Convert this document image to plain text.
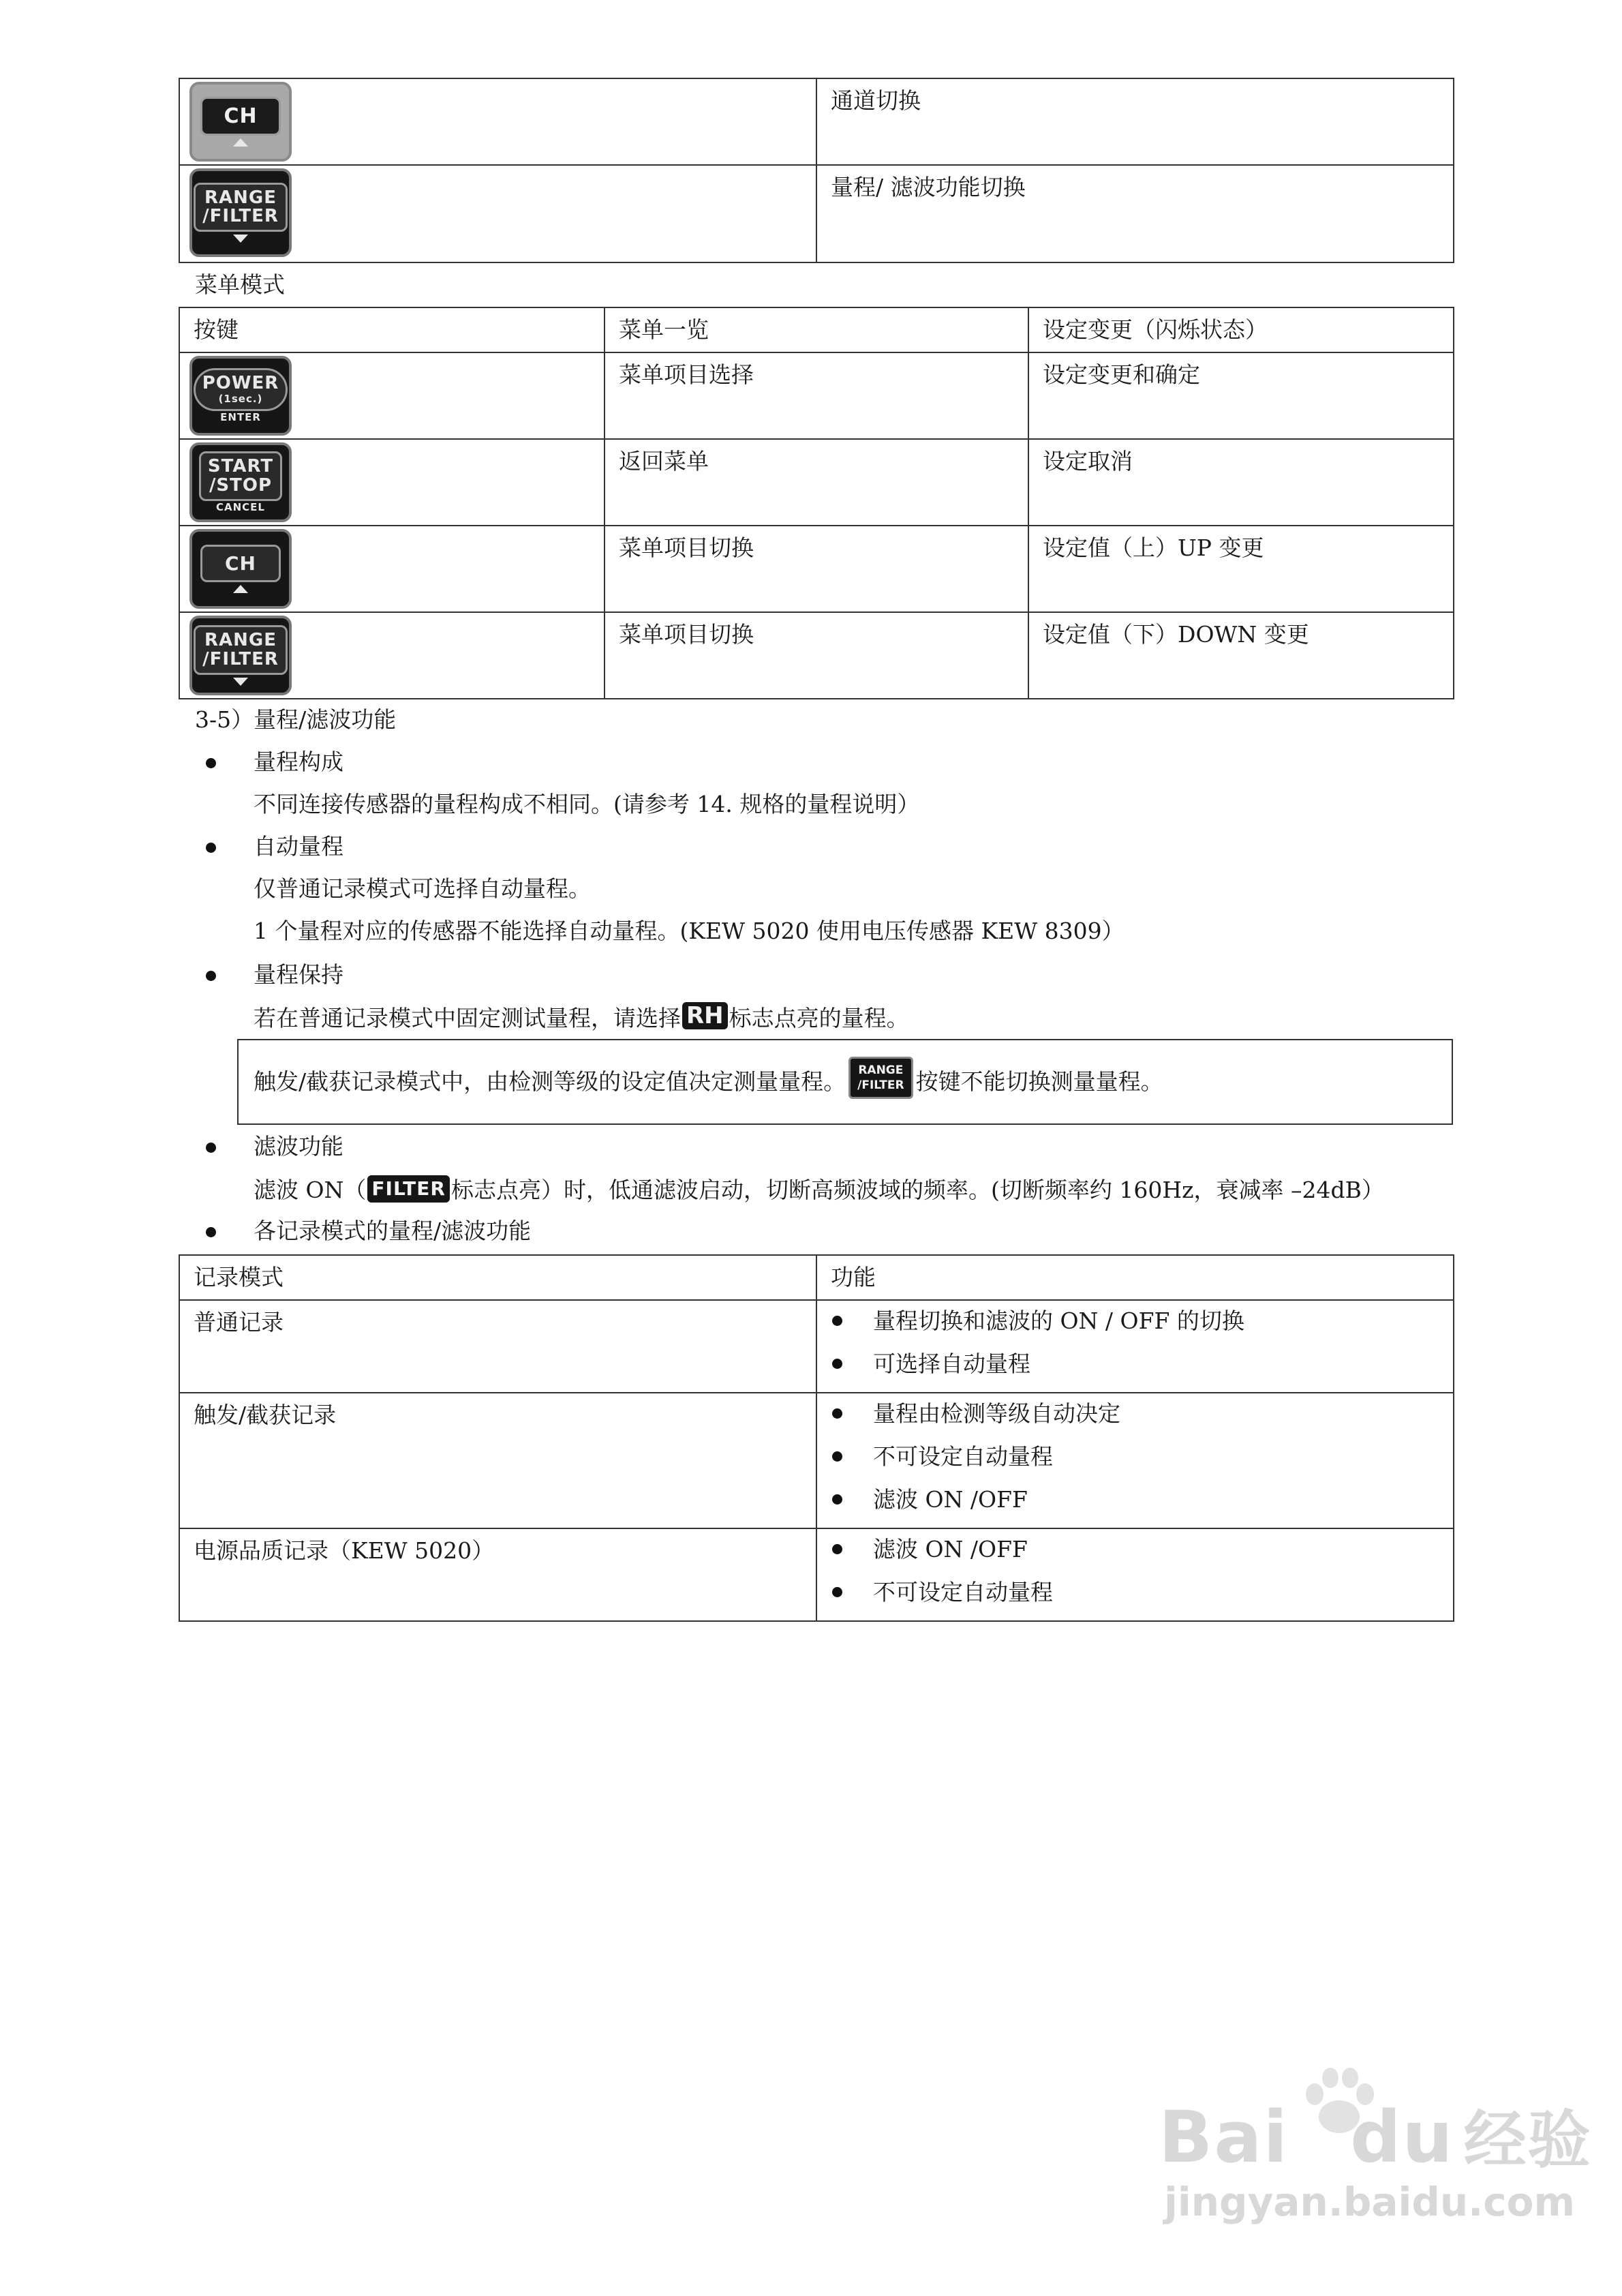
CH	通道切换

RANGE
/FILTER	量程/ 滤波功能切换
菜单模式
按键	菜单一览	设定变更（闪烁状态）

POWER
(1sec.)
ENTER	菜单项目选择	设定变更和确定

START
/STOP
CANCEL	返回菜单	设定取消

CH	菜单项目切换	设定值（上）UP 变更

RANGE
/FILTER	菜单项目切换	设定值（下）DOWN 变更
3-5）量程/滤波功能
量程构成
不同连接传感器的量程构成不相同。(请参考 14. 规格的量程说明）
自动量程
仅普通记录模式可选择自动量程。
1 个量程对应的传感器不能选择自动量程。(KEW 5020 使用电压传感器 KEW 8309）
量程保持
若在普通记录模式中固定测试量程，请选择 RH 标志点亮的量程。
触发/截获记录模式中，由检测等级的设定值决定测量量程。 RANGE
/FILTER 按键不能切换测量量程。
滤波功能
滤波 ON（ FILTER 标志点亮）时，低通滤波启动，切断高频波域的频率。(切断频率约 160Hz，衰减率 –24dB）
各记录模式的量程/滤波功能
记录模式	功能
普通记录	量程切换和滤波的 ON / OFF 的切换
可选择自动量程

触发/截获记录	量程由检测等级自动决定
不可设定自动量程
滤波 ON /OFF

电源品质记录（KEW 5020）	滤波 ON /OFF
不可设定自动量程
Bai du 经验
jingyan.baidu.com
